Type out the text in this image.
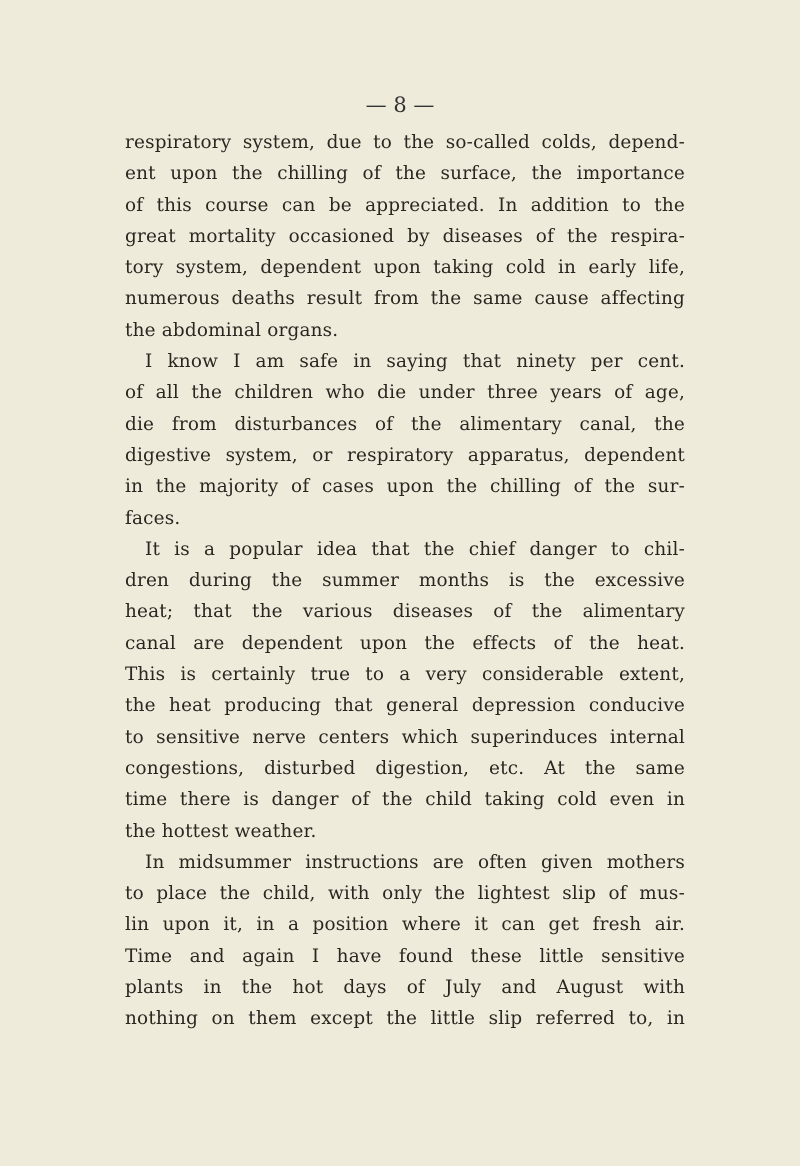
— 8 —
respiratory system, due to the so-called colds, depend-
ent upon the chilling of the surface, the importance
of this course can be appreciated. In addition to the
great mortality occasioned by diseases of the respira-
tory system, dependent upon taking cold in early life,
numerous deaths result from the same cause affecting
the abdominal organs.
I know I am safe in saying that ninety per cent.
of all the children who die under three years of age,
die from disturbances of the alimentary canal, the
digestive system, or respiratory apparatus, dependent
in the majority of cases upon the chilling of the sur-
faces.
It is a popular idea that the chief danger to chil-
dren during the summer months is the excessive
heat; that the various diseases of the alimentary
canal are dependent upon the effects of the heat.
This is certainly true to a very considerable extent,
the heat producing that general depression conducive
to sensitive nerve centers which superinduces internal
congestions, disturbed digestion, etc. At the same
time there is danger of the child taking cold even in
the hottest weather.
In midsummer instructions are often given mothers
to place the child, with only the lightest slip of mus-
lin upon it, in a position where it can get fresh air.
Time and again I have found these little sensitive
plants in the hot days of July and August with
nothing on them except the little slip referred to, in
